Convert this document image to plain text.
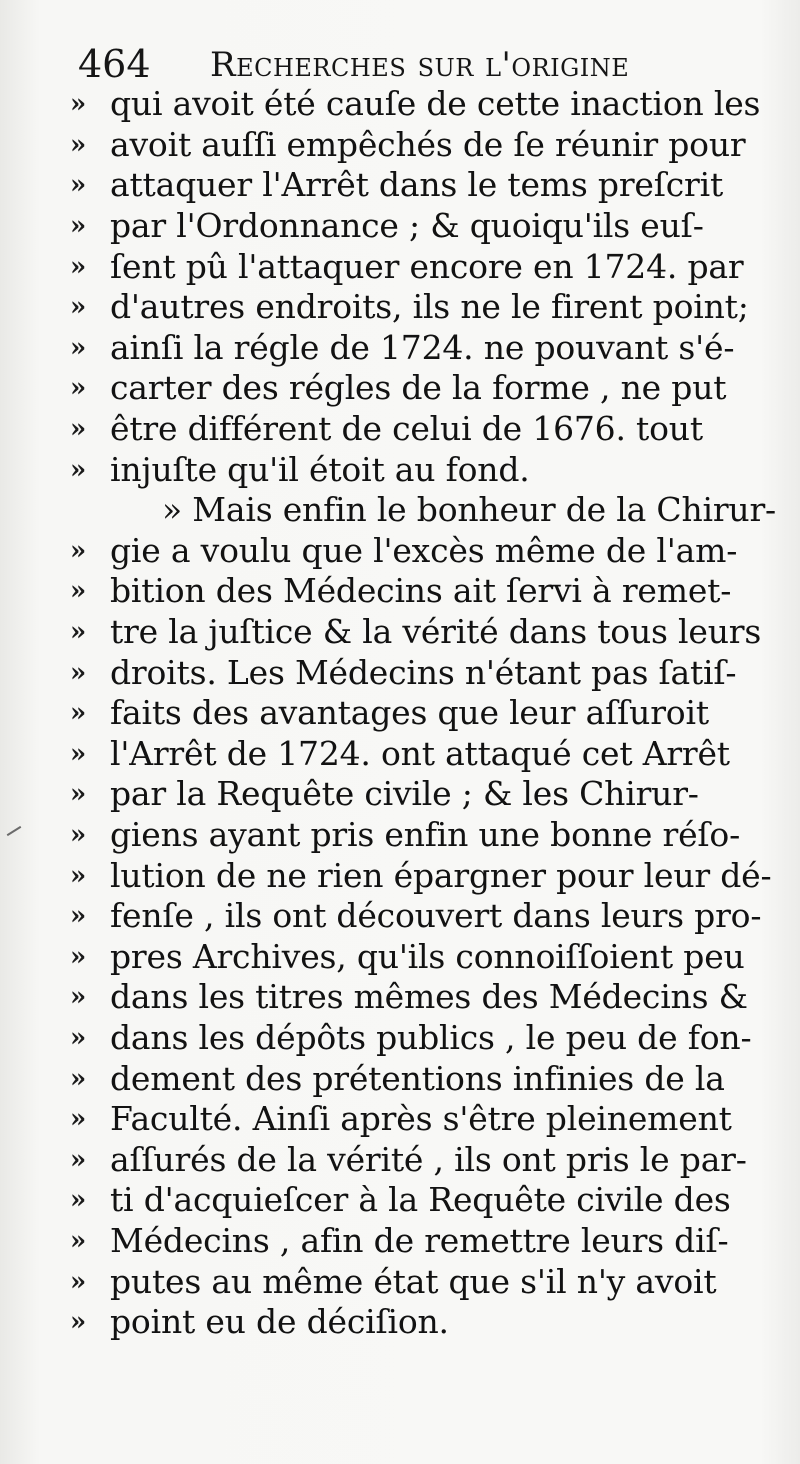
464 Recherches sur l'origine
» qui avoit été cauſe de cette inaction les
» avoit auſſi empêchés de ſe réunir pour
» attaquer l'Arrêt dans le tems preſcrit
» par l'Ordonnance ; & quoiqu'ils euſ-
» ſent pû l'attaquer encore en 1724. par
» d'autres endroits, ils ne le firent point;
» ainſi la régle de 1724. ne pouvant s'é-
» carter des régles de la forme , ne put
» être différent de celui de 1676. tout
» injuſte qu'il étoit au fond.
» Mais enfin le bonheur de la Chirur-
» gie a voulu que l'excès même de l'am-
» bition des Médecins ait ſervi à remet-
» tre la juſtice & la vérité dans tous leurs
» droits. Les Médecins n'étant pas ſatiſ-
» faits des avantages que leur aſſuroit
» l'Arrêt de 1724. ont attaqué cet Arrêt
» par la Requête civile ; & les Chirur-
» giens ayant pris enfin une bonne réſo-
» lution de ne rien épargner pour leur dé-
» fenſe , ils ont découvert dans leurs pro-
» pres Archives, qu'ils connoiſſoient peu
» dans les titres mêmes des Médecins &
» dans les dépôts publics , le peu de fon-
» dement des prétentions infinies de la
» Faculté. Ainſi après s'être pleinement
» aſſurés de la vérité , ils ont pris le par-
» ti d'acquieſcer à la Requête civile des
» Médecins , afin de remettre leurs diſ-
» putes au même état que s'il n'y avoit
» point eu de déciſion.
